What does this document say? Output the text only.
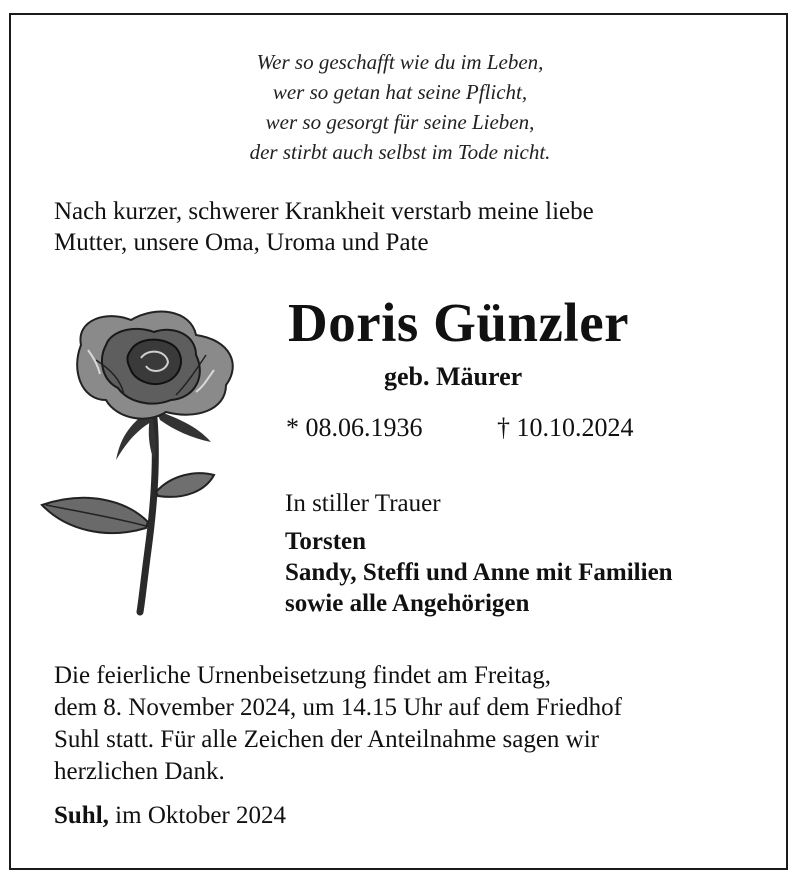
Wer so geschafft wie du im Leben,
wer so getan hat seine Pflicht,
wer so gesorgt für seine Lieben,
der stirbt auch selbst im Tode nicht.
Nach kurzer, schwerer Krankheit verstarb meine liebe
Mutter, unsere Oma, Uroma und Pate
Doris Günzler
geb. Mäurer
* 08.06.1936	† 10.10.2024
In stiller Trauer
Torsten
Sandy, Steffi und Anne mit Familien
sowie alle Angehörigen
Die feierliche Urnenbeisetzung findet am Freitag,
dem 8. November 2024, um 14.15 Uhr auf dem Friedhof
Suhl statt. Für alle Zeichen der Anteilnahme sagen wir
herzlichen Dank.
Suhl, im Oktober 2024
